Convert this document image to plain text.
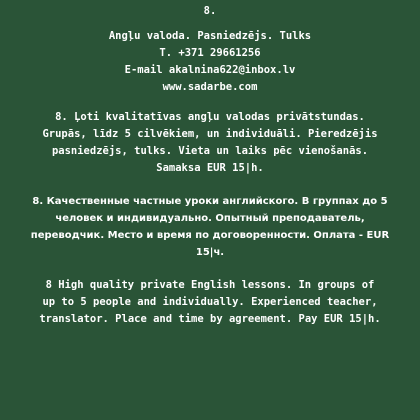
8.
Angļu valoda. Pasniedzējs. Tulks
T. +371 29661256
E-mail akalnina622@inbox.lv
www.sadarbe.com
8. Ļoti kvalitatīvas angļu valodas privātstundas.
Grupās, līdz 5 cilvēkiem, un individuāli. Pieredzējis
pasniedzējs, tulks. Vieta un laiks pēc vienošanās.
Samaksa EUR 15|h.
8. Качественные частные уроки английского. В группах до 5
человек и индивидуально. Опытный преподаватель,
переводчик. Место и время по договоренности. Оплата - EUR
15|ч.
8 High quality private English lessons. In groups of
up to 5 people and individually. Experienced teacher,
translator. Place and time by agreement. Pay EUR 15|h.
